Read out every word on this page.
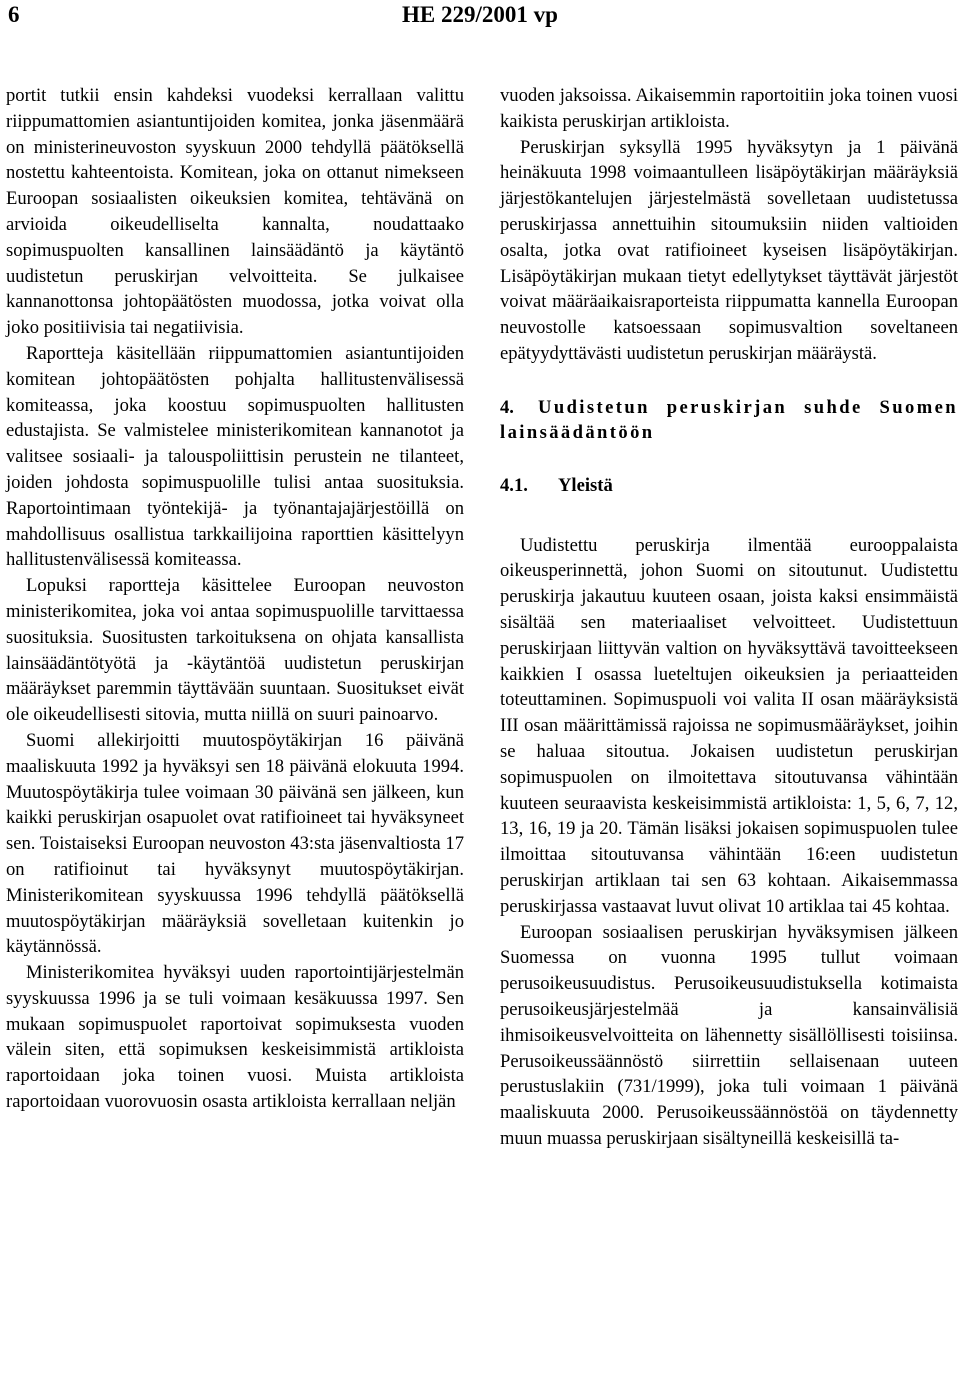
6	HE 229/2001 vp

portit tutkii ensin kahdeksi vuodeksi kerrallaan valittu riippumattomien asiantuntijoiden komitea, jonka jäsenmäärä on ministerineuvoston syyskuun 2000 tehdyllä päätöksellä nostettu kahteentoista. Komitean, joka on ottanut nimekseen Euroopan sosiaalisten oikeuksien komitea, tehtävänä on arvioida oikeudelliselta kannalta, noudattaako sopimuspuolten kansallinen lainsäädäntö ja käytäntö uudistetun peruskirjan velvoitteita. Se julkaisee kannanottonsa johtopäätösten muodossa, jotka voivat olla joko positiivisia tai negatiivisia.

Raportteja käsitellään riippumattomien asiantuntijoiden komitean johtopäätösten pohjalta hallitustenvälisessä komiteassa, joka koostuu sopimuspuolten hallitusten edustajista. Se valmistelee ministerikomitean kannanotot ja valitsee sosiaali- ja talouspoliittisin perustein ne tilanteet, joiden johdosta sopimuspuolille tulisi antaa suosituksia. Raportointimaan työntekijä- ja työnantajajärjestöillä on mahdollisuus osallistua tarkkailijoina raporttien käsittelyyn hallitustenvälisessä komiteassa.

Lopuksi raportteja käsittelee Euroopan neuvoston ministerikomitea, joka voi antaa sopimuspuolille tarvittaessa suosituksia. Suositusten tarkoituksena on ohjata kansallista lainsäädäntötyötä ja -käytäntöä uudistetun peruskirjan määräykset paremmin täyttävään suuntaan. Suositukset eivät ole oikeudellisesti sitovia, mutta niillä on suuri painoarvo.

Suomi allekirjoitti muutospöytäkirjan 16 päivänä maaliskuuta 1992 ja hyväksyi sen 18 päivänä elokuuta 1994. Muutospöytäkirja tulee voimaan 30 päivänä sen jälkeen, kun kaikki peruskirjan osapuolet ovat ratifioineet tai hyväksyneet sen. Toistaiseksi Euroopan neuvoston 43:sta jäsenvaltiosta 17 on ratifioinut tai hyväksynyt muutospöytäkirjan. Ministerikomitean syyskuussa 1996 tehdyllä päätöksellä muutospöytäkirjan määräyksiä sovelletaan kuitenkin jo käytännössä.

Ministerikomitea hyväksyi uuden raportointijärjestelmän syyskuussa 1996 ja se tuli voimaan kesäkuussa 1997. Sen mukaan sopimuspuolet raportoivat sopimuksesta vuoden välein siten, että sopimuksen keskeisimmistä artikloista raportoidaan joka toinen vuosi. Muista artikloista raportoidaan vuorovuosin osasta artikloista kerrallaan neljän

vuoden jaksoissa. Aikaisemmin raportoitiin joka toinen vuosi kaikista peruskirjan artikloista.

Peruskirjan syksyllä 1995 hyväksytyn ja 1 päivänä heinäkuuta 1998 voimaantulleen lisäpöytäkirjan määräyksiä järjestökantelujen järjestelmästä sovelletaan uudistetussa peruskirjassa annettuihin sitoumuksiin niiden valtioiden osalta, jotka ovat ratifioineet kyseisen lisäpöytäkirjan. Lisäpöytäkirjan mukaan tietyt edellytykset täyttävät järjestöt voivat määräaikaisraporteista riippumatta kannella Euroopan neuvostolle katsoessaan sopimusvaltion soveltaneen epätyydyttävästi uudistetun peruskirjan määräystä.

4. Uudistetun peruskirjan suhde Suomen lainsäädäntöön
4.1. Yleistä

Uudistettu peruskirja ilmentää eurooppalaista oikeusperinnettä, johon Suomi on sitoutunut. Uudistettu peruskirja jakautuu kuuteen osaan, joista kaksi ensimmäistä sisältää sen materiaaliset velvoitteet. Uudistettuun peruskirjaan liittyvän valtion on hyväksyttävä tavoitteekseen kaikkien I osassa lueteltujen oikeuksien ja periaatteiden toteuttaminen. Sopimuspuoli voi valita II osan määräyksistä III osan määrittämissä rajoissa ne sopimusmääräykset, joihin se haluaa sitoutua. Jokaisen uudistetun peruskirjan sopimuspuolen on ilmoitettava sitoutuvansa vähintään kuuteen seuraavista keskeisimmistä artikloista: 1, 5, 6, 7, 12, 13, 16, 19 ja 20. Tämän lisäksi jokaisen sopimuspuolen tulee ilmoittaa sitoutuvansa vähintään 16:een uudistetun peruskirjan artiklaan tai sen 63 kohtaan. Aikaisemmassa peruskirjassa vastaavat luvut olivat 10 artiklaa tai 45 kohtaa.

Euroopan sosiaalisen peruskirjan hyväksymisen jälkeen Suomessa on vuonna 1995 tullut voimaan perusoikeusuudistus. Perusoikeusuudistuksella kotimaista perusoikeusjärjestelmää ja kansainvälisiä ihmisoikeusvelvoitteita on lähennetty sisällöllisesti toisiinsa. Perusoikeussäännöstö siirrettiin sellaisenaan uuteen perustuslakiin (731/1999), joka tuli voimaan 1 päivänä maaliskuuta 2000. Perusoikeussäännöstöä on täydennetty muun muassa peruskirjaan sisältyneillä keskeisillä ta-
